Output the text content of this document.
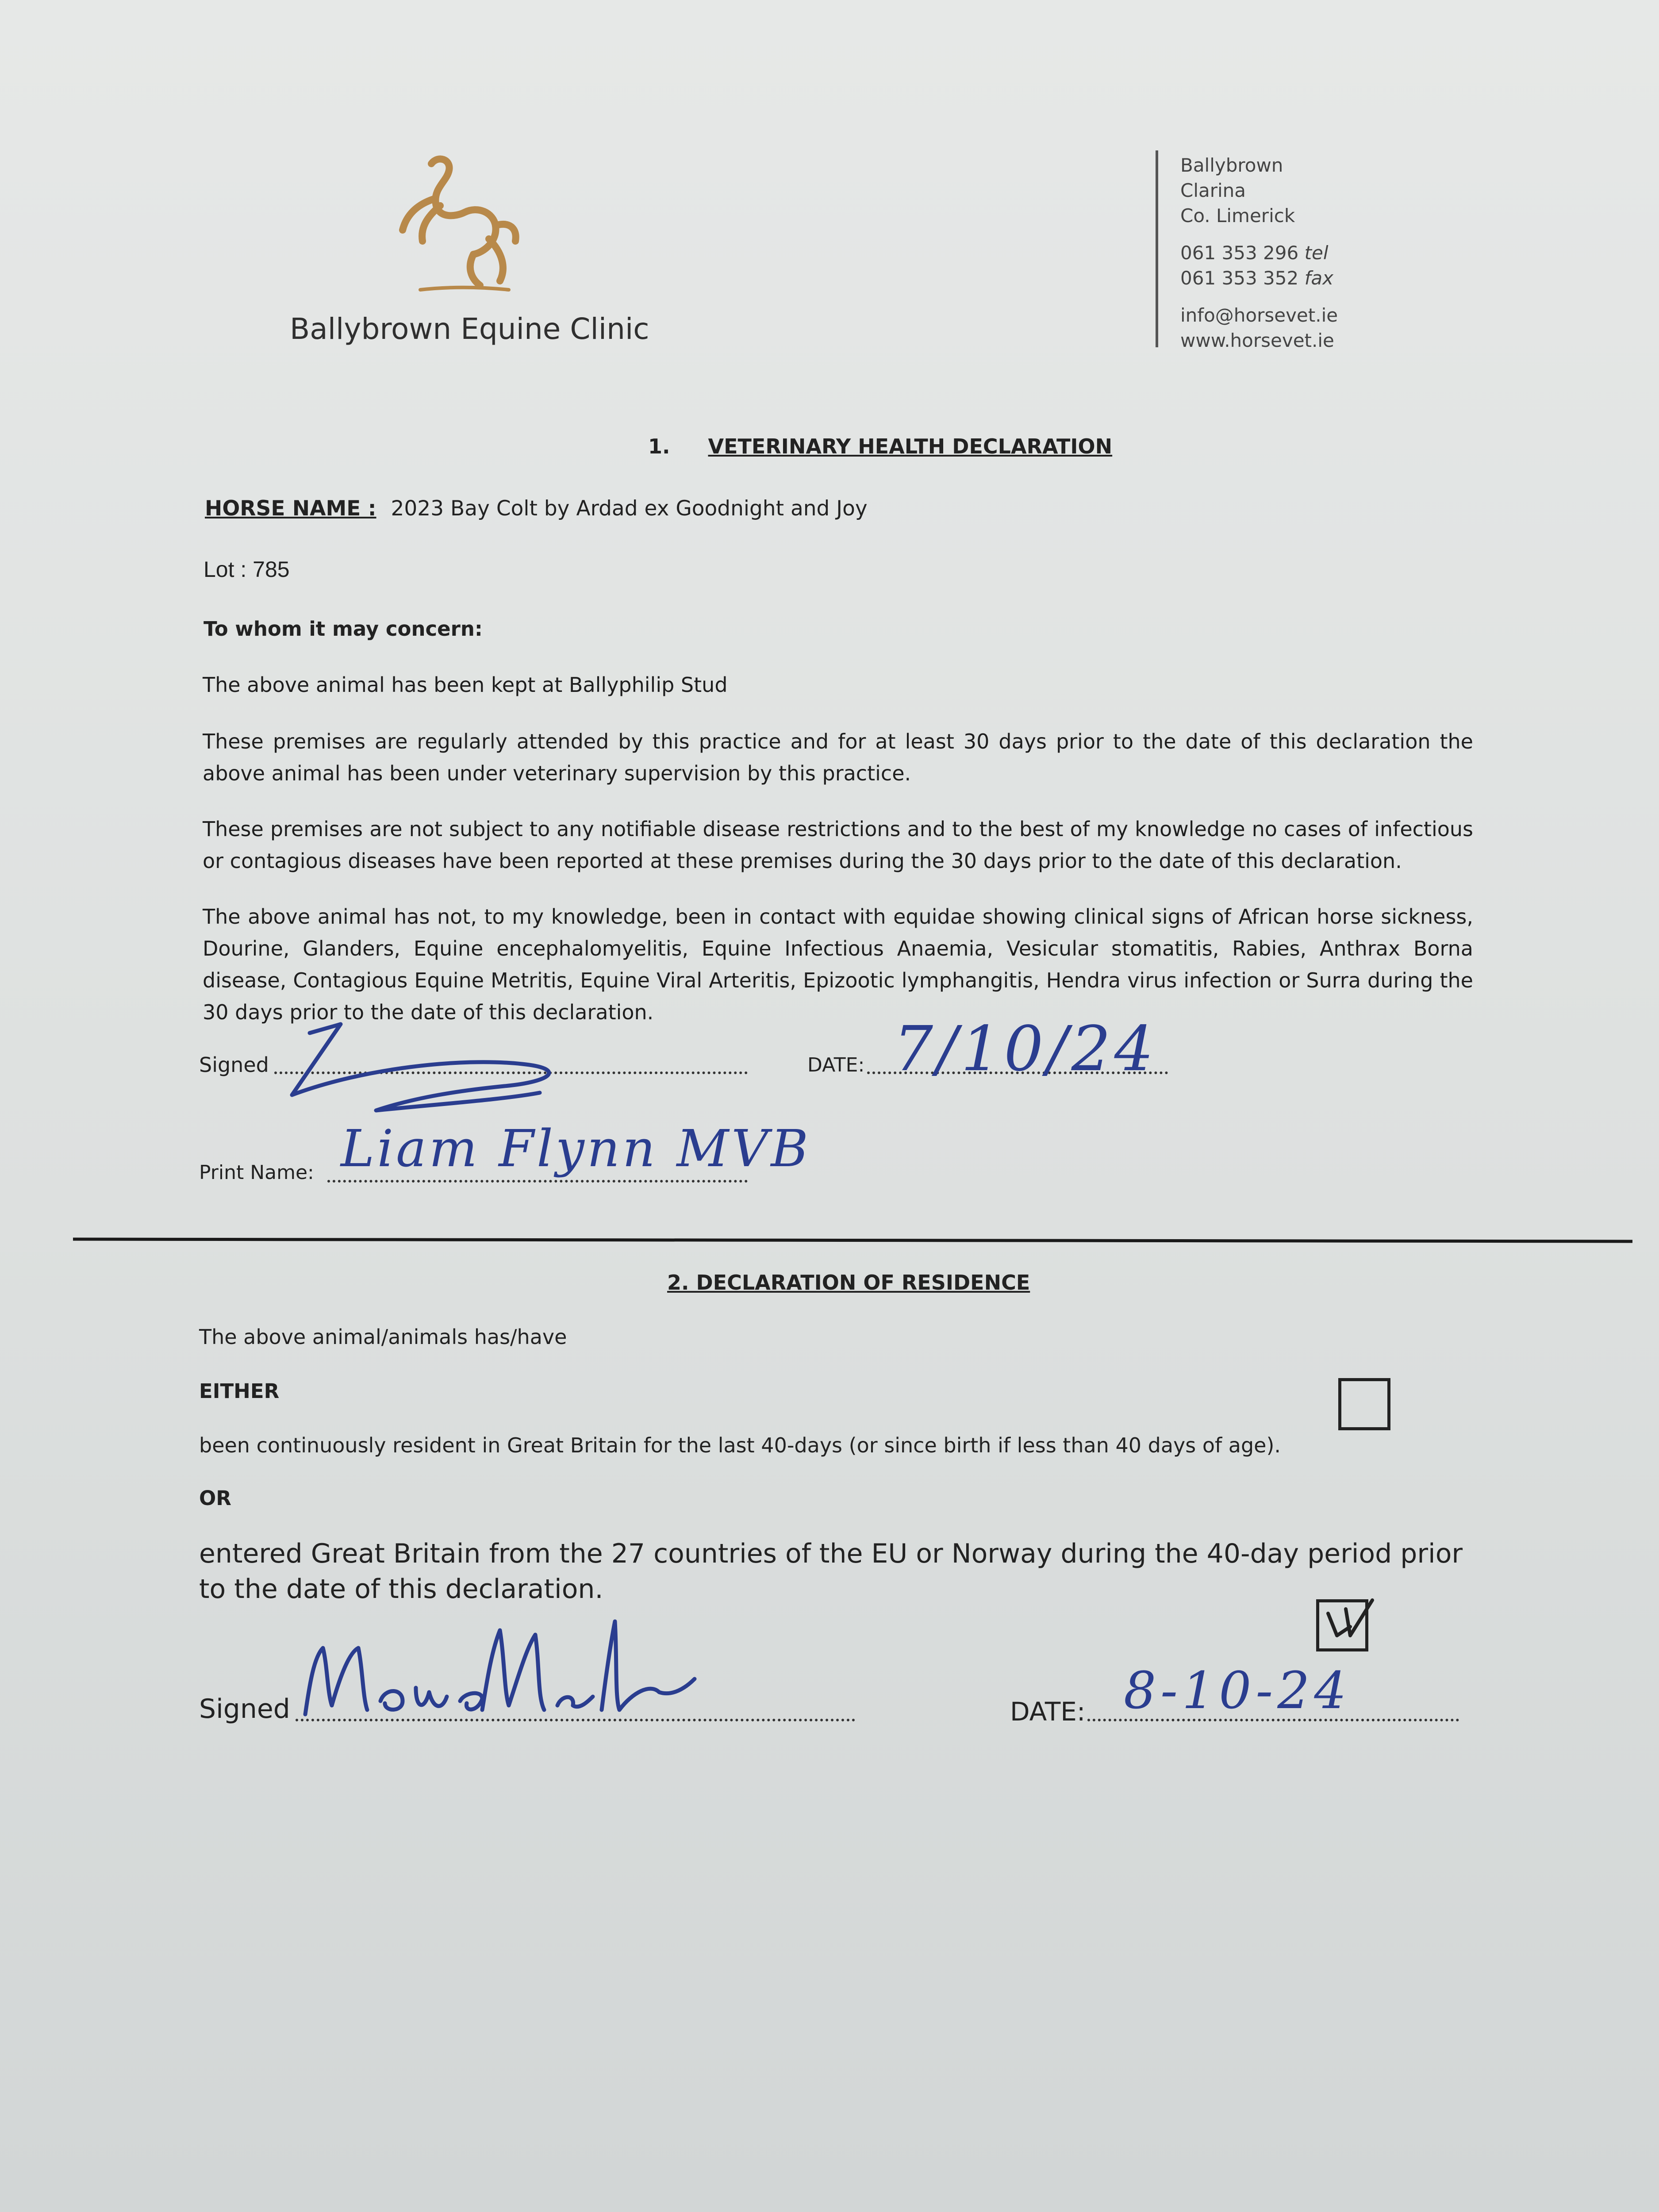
Ballybrown Equine Clinic
Ballybrown
Clarina
Co. Limerick
061 353 296 tel
061 353 352 fax
info@horsevet.ie
www.horsevet.ie
1. VETERINARY HEALTH DECLARATION
HORSE NAME : 2023 Bay Colt by Ardad ex Goodnight and Joy
Lot : 785
To whom it may concern:
The above animal has been kept at Ballyphilip Stud
These premises are regularly attended by this practice and for at least 30 days prior to the date of this declaration the above animal has been under veterinary supervision by this practice.
These premises are not subject to any notifiable disease restrictions and to the best of my knowledge no cases of infectious or contagious diseases have been reported at these premises during the 30 days prior to the date of this declaration.
The above animal has not, to my knowledge, been in contact with equidae showing clinical signs of African horse sickness, Dourine, Glanders, Equine encephalomyelitis, Equine Infectious Anaemia, Vesicular stomatitis, Rabies, Anthrax Borna disease, Contagious Equine Metritis, Equine Viral Arteritis, Epizootic lymphangitis, Hendra virus infection or Surra during the 30 days prior to the date of this declaration.
Signed	DATE: 7/10/24
Print Name: Liam Flynn MVB
2. DECLARATION OF RESIDENCE
The above animal/animals has/have
EITHER
been continuously resident in Great Britain for the last 40-days (or since birth if less than 40 days of age).
OR
entered Great Britain from the 27 countries of the EU or Norway during the 40-day period prior to the date of this declaration.
Signed	DATE: 8-10-24
